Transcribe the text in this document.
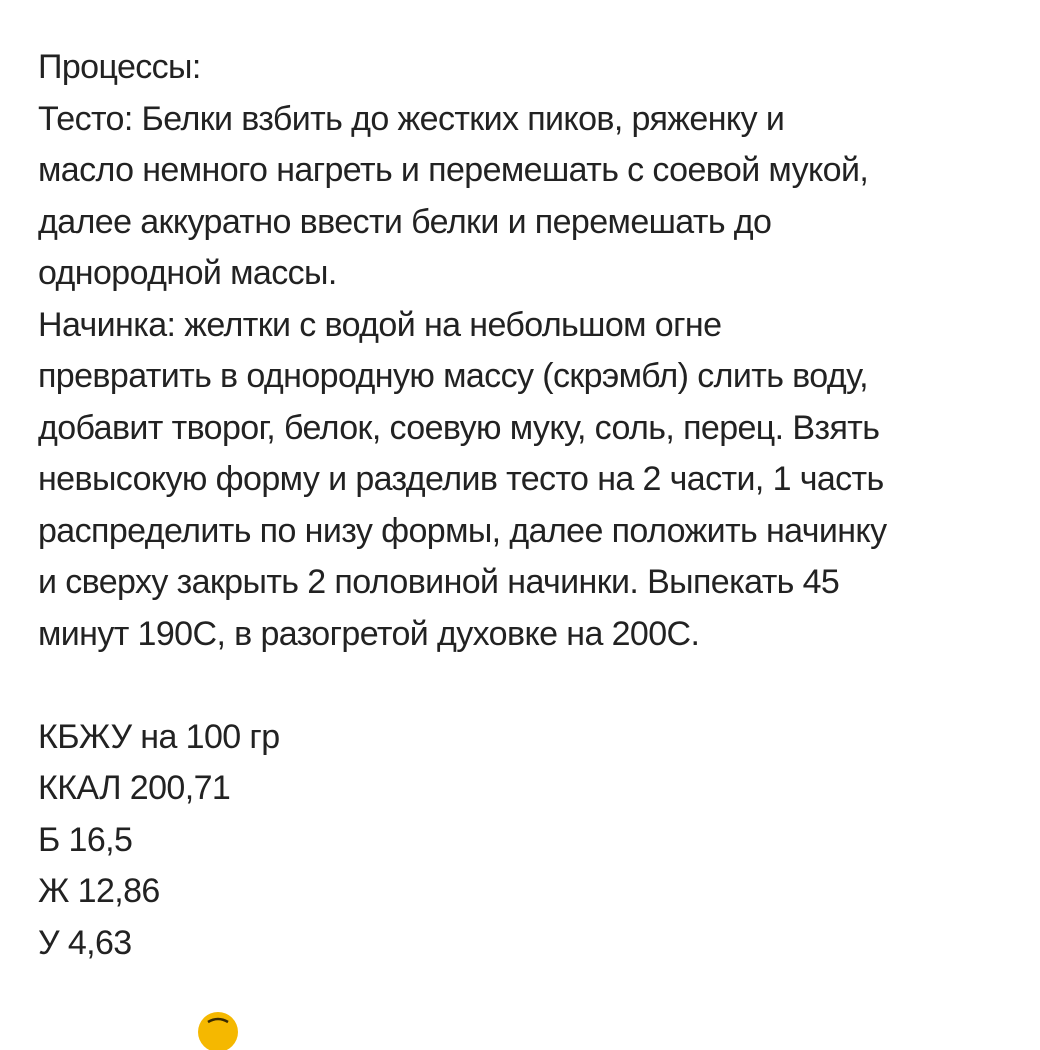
Процессы:
Тесто: Белки взбить до жестких пиков, ряженку и
масло немного нагреть и перемешать с соевой мукой,
далее аккуратно ввести белки и перемешать до
однородной массы.
Начинка: желтки с водой на небольшом огне
превратить в однородную массу (скрэмбл) слить воду,
добавит творог, белок, соевую муку, соль, перец. Взять
невысокую форму и разделив тесто на 2 части, 1 часть
распределить по низу формы, далее положить начинку
и сверху закрыть 2 половиной начинки. Выпекать 45
минут 190С, в разогретой духовке на 200С.
КБЖУ на 100 гр
ККАЛ 200,71
Б 16,5
Ж 12,86
У 4,63
